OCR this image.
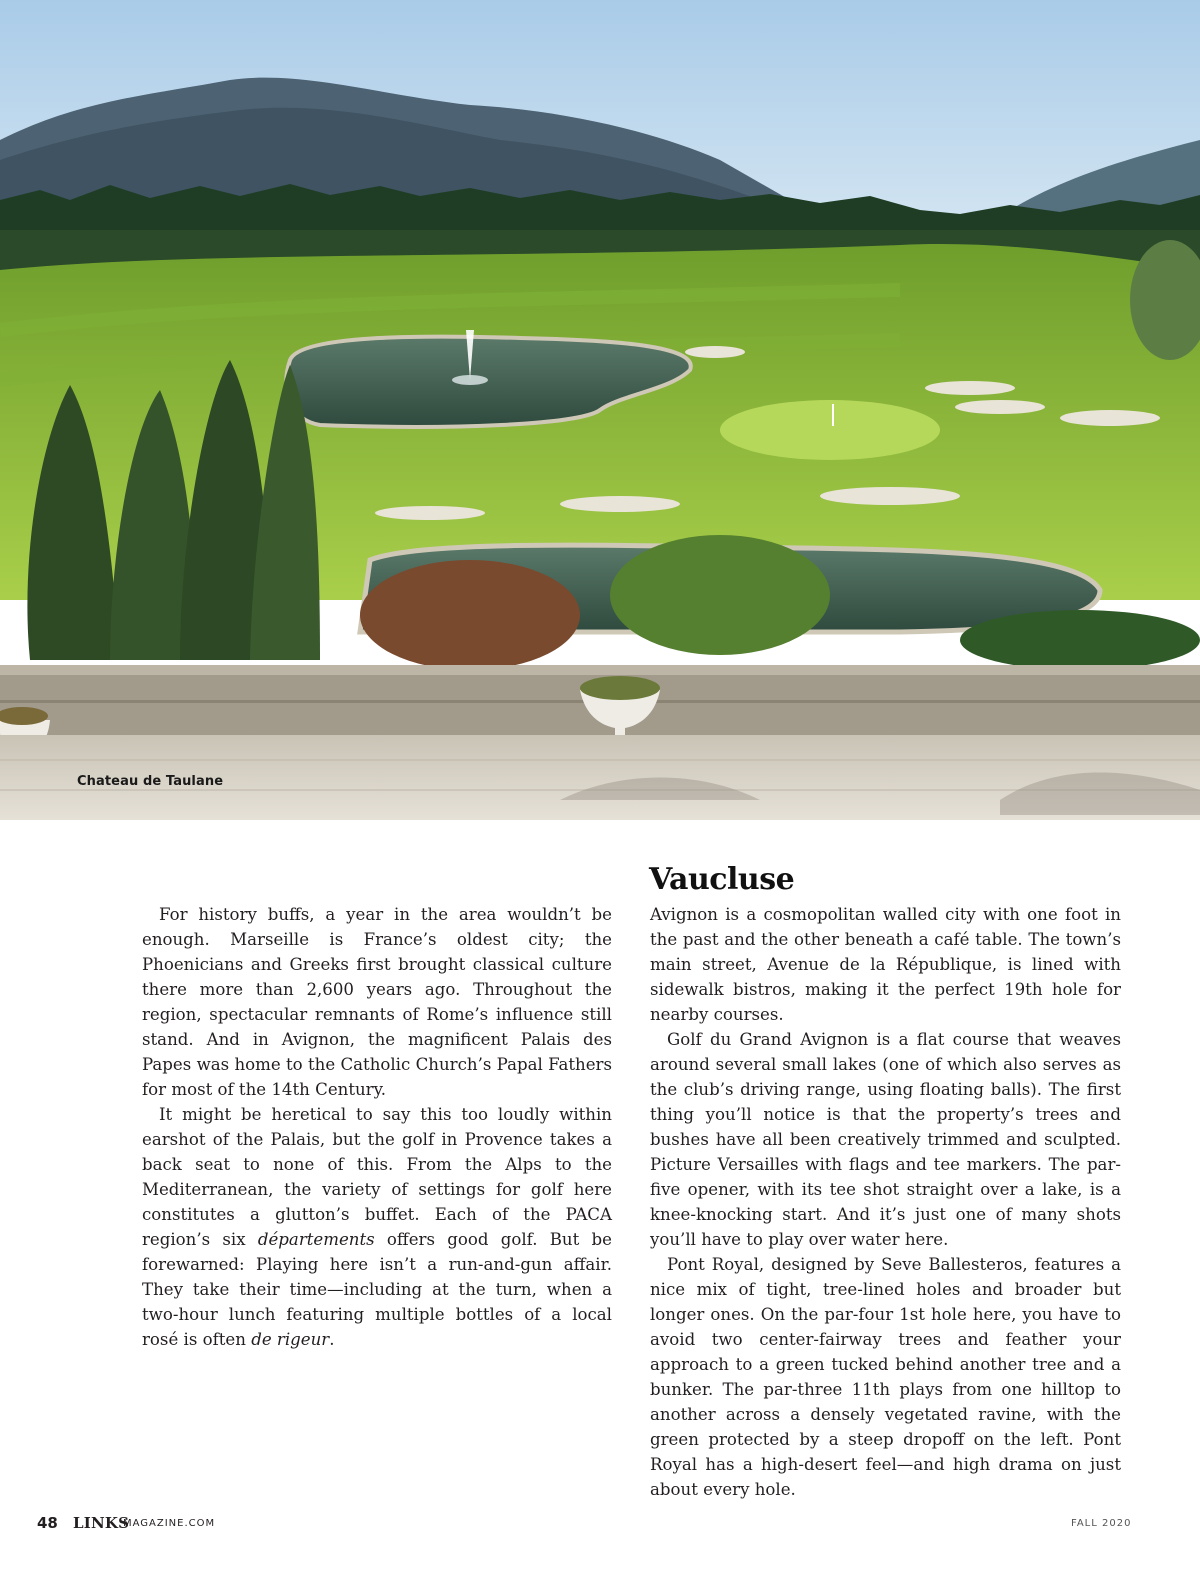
Chateau de Taulane

For history buffs, a year in the area wouldn’t be enough. Marseille is France’s oldest city; the Phoenicians and Greeks first brought classical culture there more than 2,600 years ago. Throughout the region, spectacular remnants of Rome’s influence still stand. And in Avignon, the magnificent Palais des Papes was home to the Catholic Church’s Papal Fathers for most of the 14th Century.

It might be heretical to say this too loudly within earshot of the Palais, but the golf in Provence takes a back seat to none of this. From the Alps to the Mediterranean, the variety of settings for golf here constitutes a glutton’s buffet. Each of the PACA region’s six départements offers good golf. But be forewarned: Playing here isn’t a run-and-gun affair. They take their time—including at the turn, when a two-hour lunch featuring multiple bottles of a local rosé is often de rigeur.

Vaucluse

Avignon is a cosmopolitan walled city with one foot in the past and the other beneath a café table. The town’s main street, Avenue de la République, is lined with sidewalk bistros, making it the perfect 19th hole for nearby courses.

Golf du Grand Avignon is a flat course that weaves around several small lakes (one of which also serves as the club’s driving range, using floating balls). The first thing you’ll notice is that the property’s trees and bushes have all been creatively trimmed and sculpted. Picture Versailles with flags and tee markers. The par-five opener, with its tee shot straight over a lake, is a knee-knocking start. And it’s just one of many shots you’ll have to play over water here.

Pont Royal, designed by Seve Ballesteros, features a nice mix of tight, tree-lined holes and broader but longer ones. On the par-four 1st hole here, you have to avoid two center-fairway trees and feather your approach to a green tucked behind another tree and a bunker. The par-three 11th plays from one hilltop to another across a densely vegetated ravine, with the green protected by a steep dropoff on the left. Pont Royal has a high-desert feel—and high drama on just about every hole.

48 LINKS
MAGAZINE.COM	FALL 2020
